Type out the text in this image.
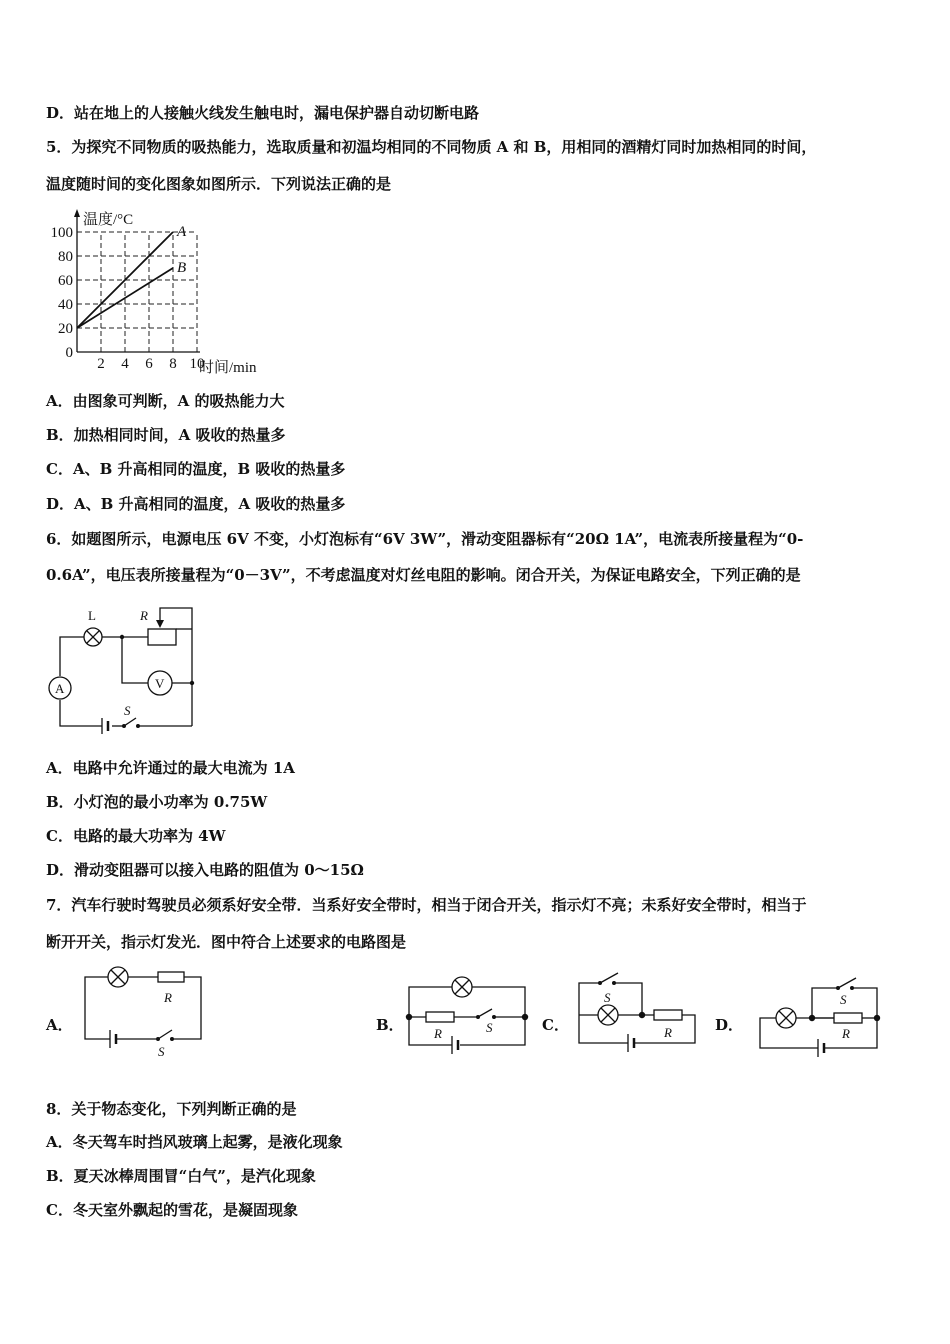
D．站在地上的人接触火线发生触电时，漏电保护器自动切断电路
5．为探究不同物质的吸热能力，选取质量和初温均相同的不同物质 A 和 B，用相同的酒精灯同时加热相同的时间，
温度随时间的变化图象如图所示．下列说法正确的是
2 4 6 8 10
0
20
40
60
80
100
温度/°C
时间/min
A
B
A．由图象可判断，A 的吸热能力大
B．加热相同时间，A 吸收的热量多
C．A、B 升高相同的温度，B 吸收的热量多
D．A、B 升高相同的温度，A 吸收的热量多
6．如题图所示，电源电压 6V 不变，小灯泡标有“6V 3W”，滑动变阻器标有“20Ω 1A”，电流表所接量程为“0-
0.6A”，电压表所接量程为“0－3V”，不考虑温度对灯丝电阻的影响。闭合开关，为保证电路安全，下列正确的是
L	R
A	V
S
A．电路中允许通过的最大电流为 1A
B．小灯泡的最小功率为 0.75W
C．电路的最大功率为 4W
D．滑动变阻器可以接入电路的阻值为 0～15Ω
7．汽车行驶时驾驶员必须系好安全带．当系好安全带时，相当于闭合开关，指示灯不亮；未系好安全带时，相当于
断开开关，指示灯发光．图中符合上述要求的电路图是
A．	B．	C．	D．
R
S
R	S
S
R
S
R
8．关于物态变化，下列判断正确的是
A．冬天驾车时挡风玻璃上起雾，是液化现象
B．夏天冰棒周围冒“白气”，是汽化现象
C．冬天室外飘起的雪花，是凝固现象
